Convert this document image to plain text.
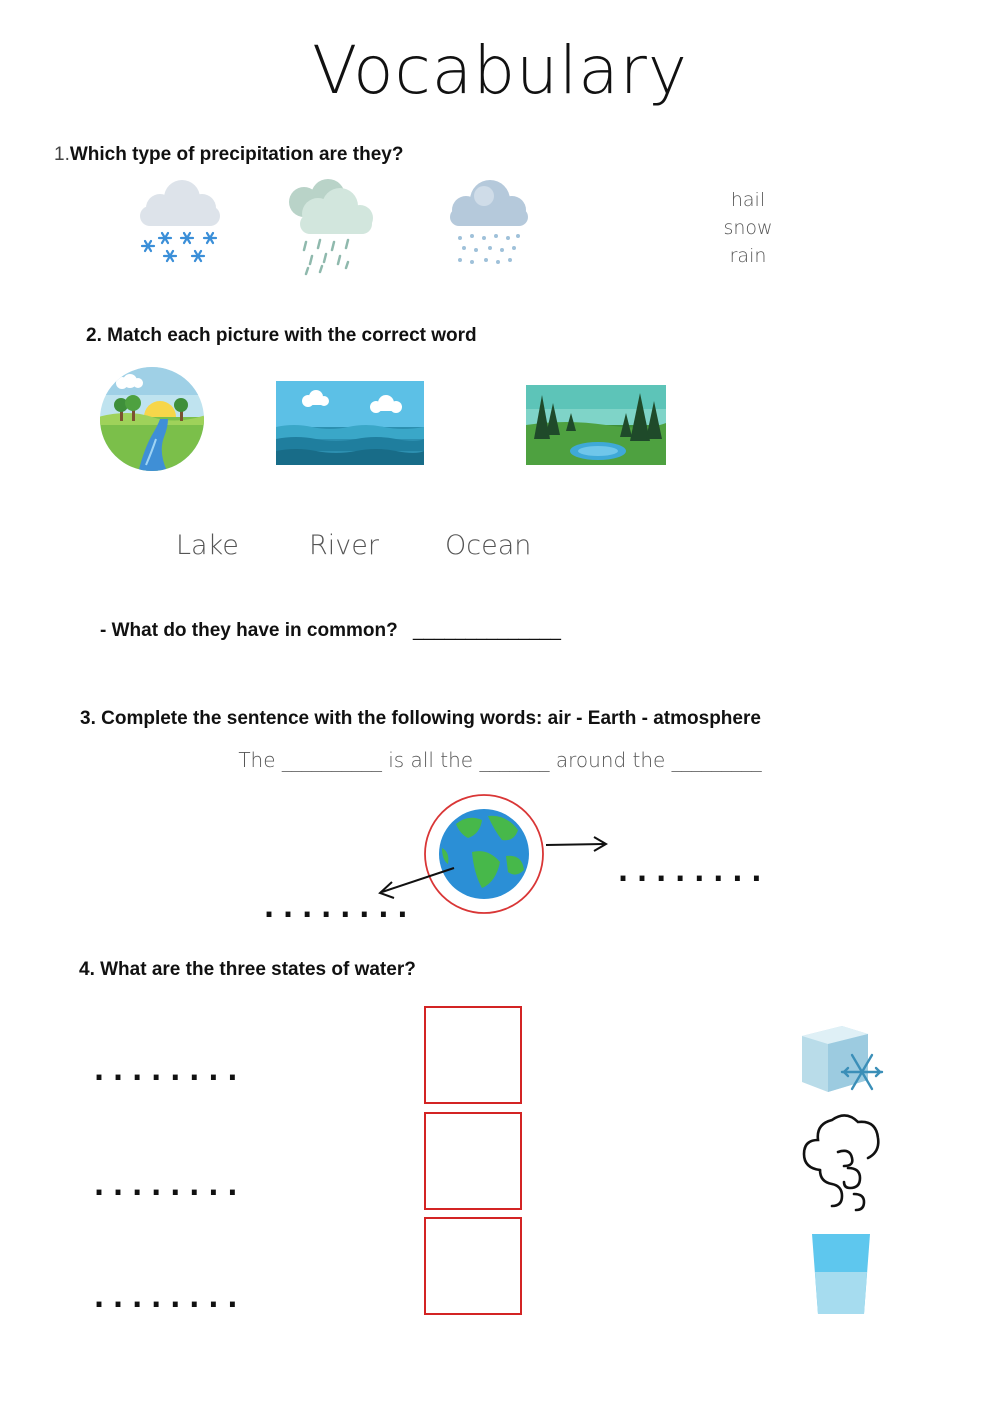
Vocabulary
1.Which type of precipitation are they?
hail
snow
rain
2. Match each picture with the correct word
Lake	River Ocean
- What do they have in common? ______________
3. Complete the sentence with the following words: air - Earth - atmosphere
The __________ is all the _______ around the _________
........
........
4. What are the three states of water?
........
........
........
